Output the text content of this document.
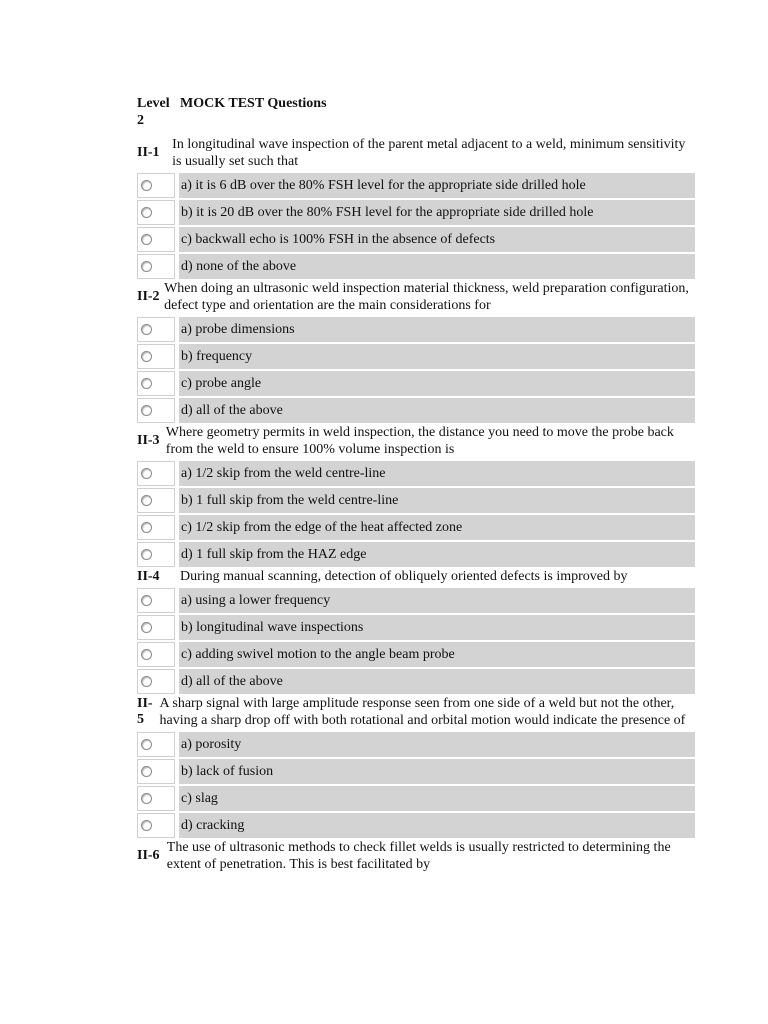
Level 2
MOCK TEST Questions
II-1
In longitudinal wave inspection of the parent metal adjacent to a weld, minimum sensitivity is usually set such that
a) it is 6 dB over the 80% FSH level for the appropriate side drilled hole
b) it is 20 dB over the 80% FSH level for the appropriate side drilled hole
c) backwall echo is 100% FSH in the absence of defects
d) none of the above
II-2
When doing an ultrasonic weld inspection material thickness, weld preparation configuration, defect type and orientation are the main considerations for
a) probe dimensions
b) frequency
c) probe angle
d) all of the above
II-3
Where geometry permits in weld inspection, the distance you need to move the probe back from the weld to ensure 100% volume inspection is
a) 1/2 skip from the weld centre-line
b) 1 full skip from the weld centre-line
c) 1/2 skip from the edge of the heat affected zone
d) 1 full skip from the HAZ edge
II-4	During manual scanning, detection of obliquely oriented defects is improved by
a) using a lower frequency
b) longitudinal wave inspections
c) adding swivel motion to the angle beam probe
d) all of the above
II-5
A sharp signal with large amplitude response seen from one side of a weld but not the other, having a sharp drop off with both rotational and orbital motion would indicate the presence of
a) porosity
b) lack of fusion
c) slag
d) cracking
II-6
The use of ultrasonic methods to check fillet welds is usually restricted to determining the extent of penetration. This is best facilitated by
